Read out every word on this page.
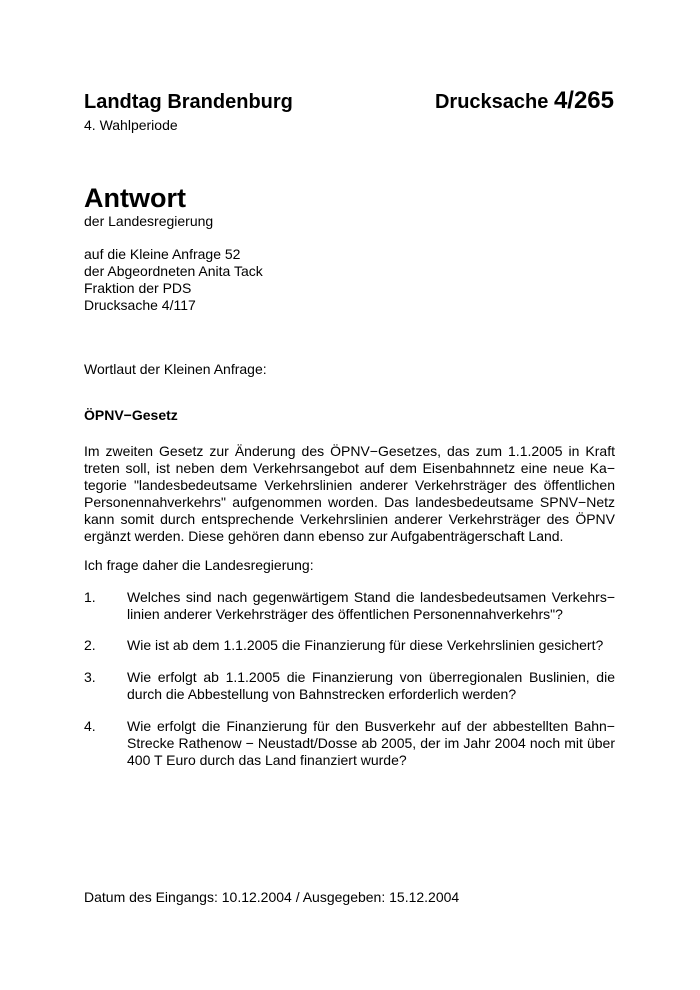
Landtag Brandenburg	Drucksache 4/265

4. Wahlperiode

Antwort

der Landesregierung

auf die Kleine Anfrage 52
der Abgeordneten Anita Tack
Fraktion der PDS
Drucksache 4/117

Wortlaut der Kleinen Anfrage:

ÖPNV−Gesetz

Im zweiten Gesetz zur Änderung des ÖPNV−Gesetzes, das zum 1.1.2005 in Kraft treten soll, ist neben dem Verkehrsangebot auf dem Eisenbahnnetz eine neue Ka− tegorie "landesbedeutsame Verkehrslinien anderer Verkehrsträger des öffentlichen Personennahverkehrs" aufgenommen worden. Das landesbedeutsame SPNV−Netz kann somit durch entsprechende Verkehrslinien anderer Verkehrsträger des ÖPNV ergänzt werden. Diese gehören dann ebenso zur Aufgabenträgerschaft Land.

Ich frage daher die Landesregierung:

1. Welches sind nach gegenwärtigem Stand die landesbedeutsamen Verkehrs− linien anderer Verkehrsträger des öffentlichen Personennahverkehrs"?
2. Wie ist ab dem 1.1.2005 die Finanzierung für diese Verkehrslinien gesichert?
3. Wie erfolgt ab 1.1.2005 die Finanzierung von überregionalen Buslinien, die durch die Abbestellung von Bahnstrecken erforderlich werden?
4. Wie erfolgt die Finanzierung für den Busverkehr auf der abbestellten Bahn− Strecke Rathenow − Neustadt/Dosse ab 2005, der im Jahr 2004 noch mit über 400 T Euro durch das Land finanziert wurde?

Datum des Eingangs: 10.12.2004 / Ausgegeben: 15.12.2004
